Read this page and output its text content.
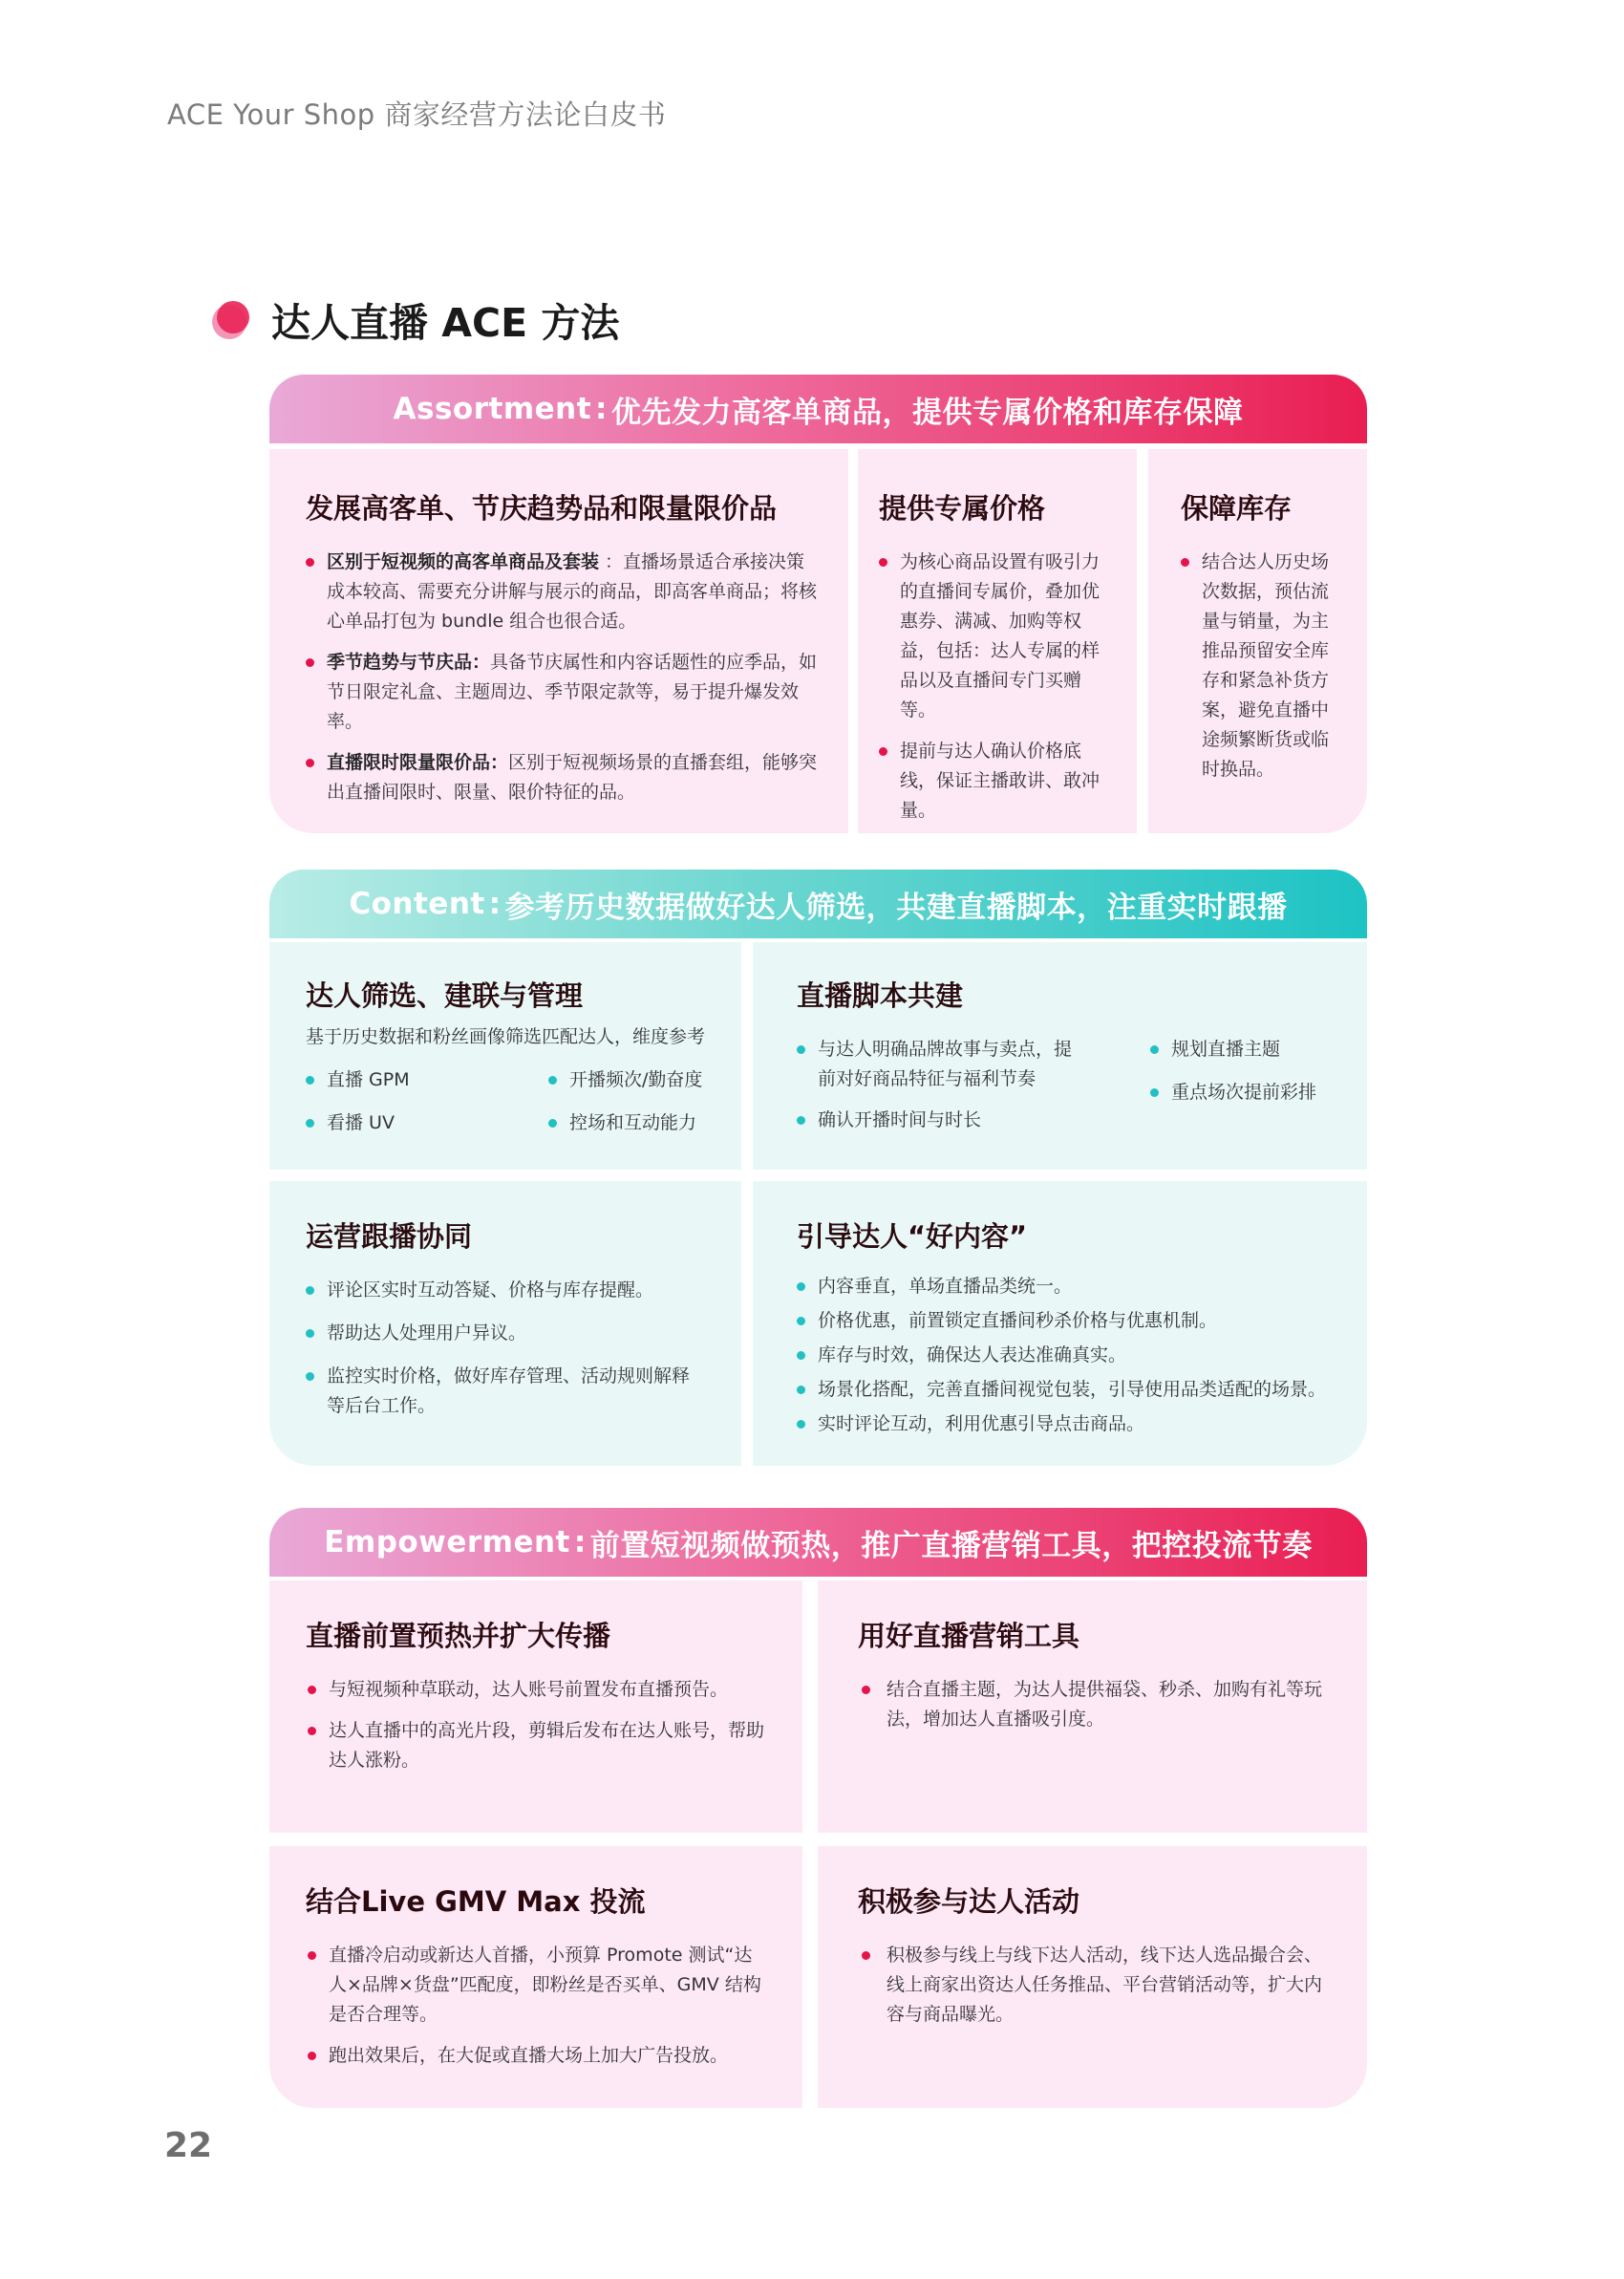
ACE Your Shop 商家经营方法论白皮书
达人直播 ACE 方法
Assortment : 优先发力高客单商品，提供专属价格和库存保障
发展高客单、节庆趋势品和限量限价品
区别于短视频的高客单商品及套装 ：直播场景适合承接决策成本较高、需要充分讲解与展示的商品，即高客单商品；将核心单品打包为 bundle 组合也很合适。
季节趋势与节庆品：具备节庆属性和内容话题性的应季品，如节日限定礼盒、主题周边、季节限定款等，易于提升爆发效率。
直播限时限量限价品：区别于短视频场景的直播套组，能够突出直播间限时、限量、限价特征的品。
提供专属价格
为核心商品设置有吸引力的直播间专属价，叠加优惠券、满减、加购等权益，包括：达人专属的样品以及直播间专门买赠等。
提前与达人确认价格底线，保证主播敢讲、敢冲量。
保障库存
结合达人历史场次数据，预估流量与销量，为主推品预留安全库存和紧急补货方案，避免直播中途频繁断货或临时换品。
Content : 参考历史数据做好达人筛选，共建直播脚本，注重实时跟播
达人筛选、建联与管理
基于历史数据和粉丝画像筛选匹配达人，维度参考
直播 GPM
看播 UV
开播频次/勤奋度
控场和互动能力
直播脚本共建
与达人明确品牌故事与卖点，提前对好商品特征与福利节奏
确认开播时间与时长
规划直播主题
重点场次提前彩排
运营跟播协同
评论区实时互动答疑、价格与库存提醒。
帮助达人处理用户异议。
监控实时价格，做好库存管理、活动规则解释等后台工作。
引导达人“好内容”
内容垂直，单场直播品类统一。
价格优惠，前置锁定直播间秒杀价格与优惠机制。
库存与时效，确保达人表达准确真实。
场景化搭配，完善直播间视觉包装，引导使用品类适配的场景。
实时评论互动，利用优惠引导点击商品。
Empowerment : 前置短视频做预热，推广直播营销工具，把控投流节奏
直播前置预热并扩大传播
与短视频种草联动，达人账号前置发布直播预告。
达人直播中的高光片段，剪辑后发布在达人账号，帮助达人涨粉。
用好直播营销工具
结合直播主题，为达人提供福袋、秒杀、加购有礼等玩法，增加达人直播吸引度。
结合Live GMV Max 投流
直播冷启动或新达人首播，小预算 Promote 测试“达人×品牌×货盘”匹配度，即粉丝是否买单、GMV 结构是否合理等。
跑出效果后，在大促或直播大场上加大广告投放。
积极参与达人活动
积极参与线上与线下达人活动，线下达人选品撮合会、线上商家出资达人任务推品、平台营销活动等，扩大内容与商品曝光。
22
